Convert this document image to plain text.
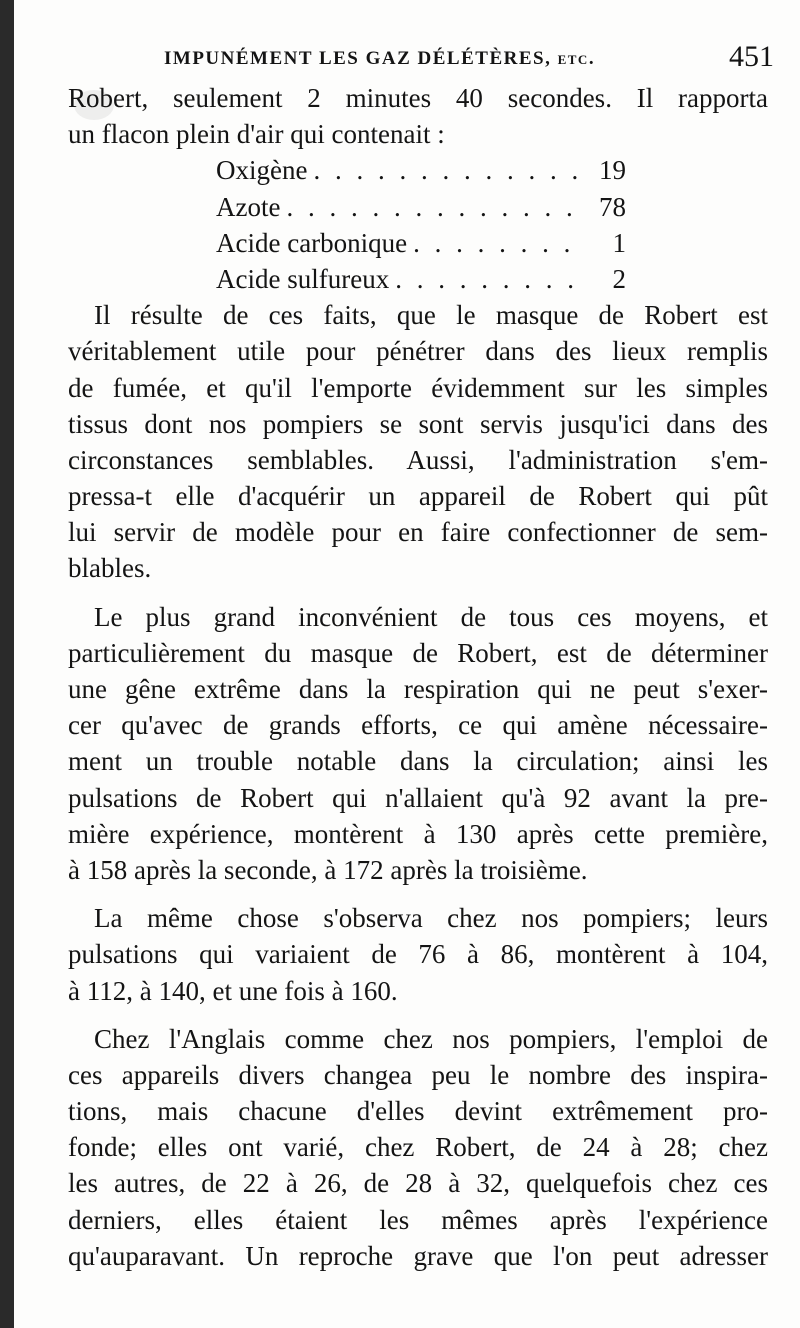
IMPUNÉMENT LES GAZ DÉLÉTÈRES, etc.	451
Robert, seulement 2 minutes 40 secondes. Il rapporta
un flacon plein d'air qui contenait :
Oxigène . . .	19
Azote . . .	78
Acide carbonique . . .	1
Acide sulfureux . . .	2
Il résulte de ces faits, que le masque de Robert est
véritablement utile pour pénétrer dans des lieux remplis
de fumée, et qu'il l'emporte évidemment sur les simples
tissus dont nos pompiers se sont servis jusqu'ici dans des
circonstances semblables. Aussi, l'administration s'em-
pressa-t elle d'acquérir un appareil de Robert qui pût
lui servir de modèle pour en faire confectionner de sem-
blables.
Le plus grand inconvénient de tous ces moyens, et
particulièrement du masque de Robert, est de déterminer
une gêne extrême dans la respiration qui ne peut s'exer-
cer qu'avec de grands efforts, ce qui amène nécessaire-
ment un trouble notable dans la circulation; ainsi les
pulsations de Robert qui n'allaient qu'à 92 avant la pre-
mière expérience, montèrent à 130 après cette première,
à 158 après la seconde, à 172 après la troisième.
La même chose s'observa chez nos pompiers; leurs
pulsations qui variaient de 76 à 86, montèrent à 104,
à 112, à 140, et une fois à 160.
Chez l'Anglais comme chez nos pompiers, l'emploi de
ces appareils divers changea peu le nombre des inspira-
tions, mais chacune d'elles devint extrêmement pro-
fonde; elles ont varié, chez Robert, de 24 à 28; chez
les autres, de 22 à 26, de 28 à 32, quelquefois chez ces
derniers, elles étaient les mêmes après l'expérience
qu'auparavant. Un reproche grave que l'on peut adresser
